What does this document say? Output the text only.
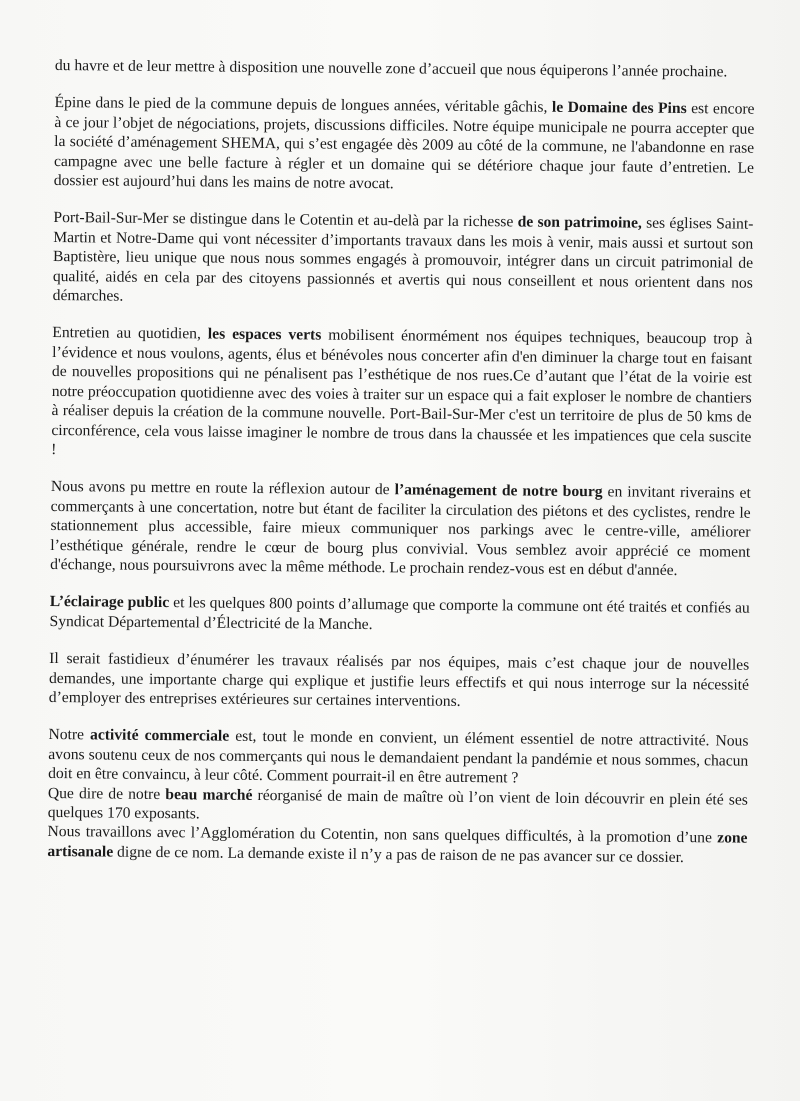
du havre et de leur mettre à disposition une nouvelle zone d’accueil que nous équiperons l’année prochaine.

Épine dans le pied de la commune depuis de longues années, véritable gâchis, le Domaine des Pins est encore à ce jour l’objet de négociations, projets, discussions difficiles. Notre équipe municipale ne pourra accepter que la société d’aménagement SHEMA, qui s’est engagée dès 2009 au côté de la commune, ne l'abandonne en rase campagne avec une belle facture à régler et un domaine qui se détériore chaque jour faute d’entretien. Le dossier est aujourd’hui dans les mains de notre avocat.

Port-Bail-Sur-Mer se distingue dans le Cotentin et au-delà par la richesse de son patrimoine, ses églises Saint-Martin et Notre-Dame qui vont nécessiter d’importants travaux dans les mois à venir, mais aussi et surtout son Baptistère, lieu unique que nous nous sommes engagés à promouvoir, intégrer dans un circuit patrimonial de qualité, aidés en cela par des citoyens passionnés et avertis qui nous conseillent et nous orientent dans nos démarches.

Entretien au quotidien, les espaces verts mobilisent énormément nos équipes techniques, beaucoup trop à l’évidence et nous voulons, agents, élus et bénévoles nous concerter afin d'en diminuer la charge tout en faisant de nouvelles propositions qui ne pénalisent pas l’esthétique de nos rues.Ce d’autant que l’état de la voirie est notre préoccupation quotidienne avec des voies à traiter sur un espace qui a fait exploser le nombre de chantiers à réaliser depuis la création de la commune nouvelle. Port-Bail-Sur-Mer c'est un territoire de plus de 50 kms de circonférence, cela vous laisse imaginer le nombre de trous dans la chaussée et les impatiences que cela suscite !

Nous avons pu mettre en route la réflexion autour de l’aménagement de notre bourg en invitant riverains et commerçants à une concertation, notre but étant de faciliter la circulation des piétons et des cyclistes, rendre le stationnement plus accessible, faire mieux communiquer nos parkings avec le centre-ville, améliorer l’esthétique générale, rendre le cœur de bourg plus convivial. Vous semblez avoir apprécié ce moment d'échange, nous poursuivrons avec la même méthode. Le prochain rendez-vous est en début d'année.

L’éclairage public et les quelques 800 points d’allumage que comporte la commune ont été traités et confiés au Syndicat Départemental d’Électricité de la Manche.

Il serait fastidieux d’énumérer les travaux réalisés par nos équipes, mais c’est chaque jour de nouvelles demandes, une importante charge qui explique et justifie leurs effectifs et qui nous interroge sur la nécessité d’employer des entreprises extérieures sur certaines interventions.

Notre activité commerciale est, tout le monde en convient, un élément essentiel de notre attractivité. Nous avons soutenu ceux de nos commerçants qui nous le demandaient pendant la pandémie et nous sommes, chacun doit en être convaincu, à leur côté. Comment pourrait-il en être autrement ?

Que dire de notre beau marché réorganisé de main de maître où l’on vient de loin découvrir en plein été ses quelques 170 exposants.

Nous travaillons avec l’Agglomération du Cotentin, non sans quelques difficultés, à la promotion d’une zone artisanale digne de ce nom. La demande existe il n’y a pas de raison de ne pas avancer sur ce dossier.
